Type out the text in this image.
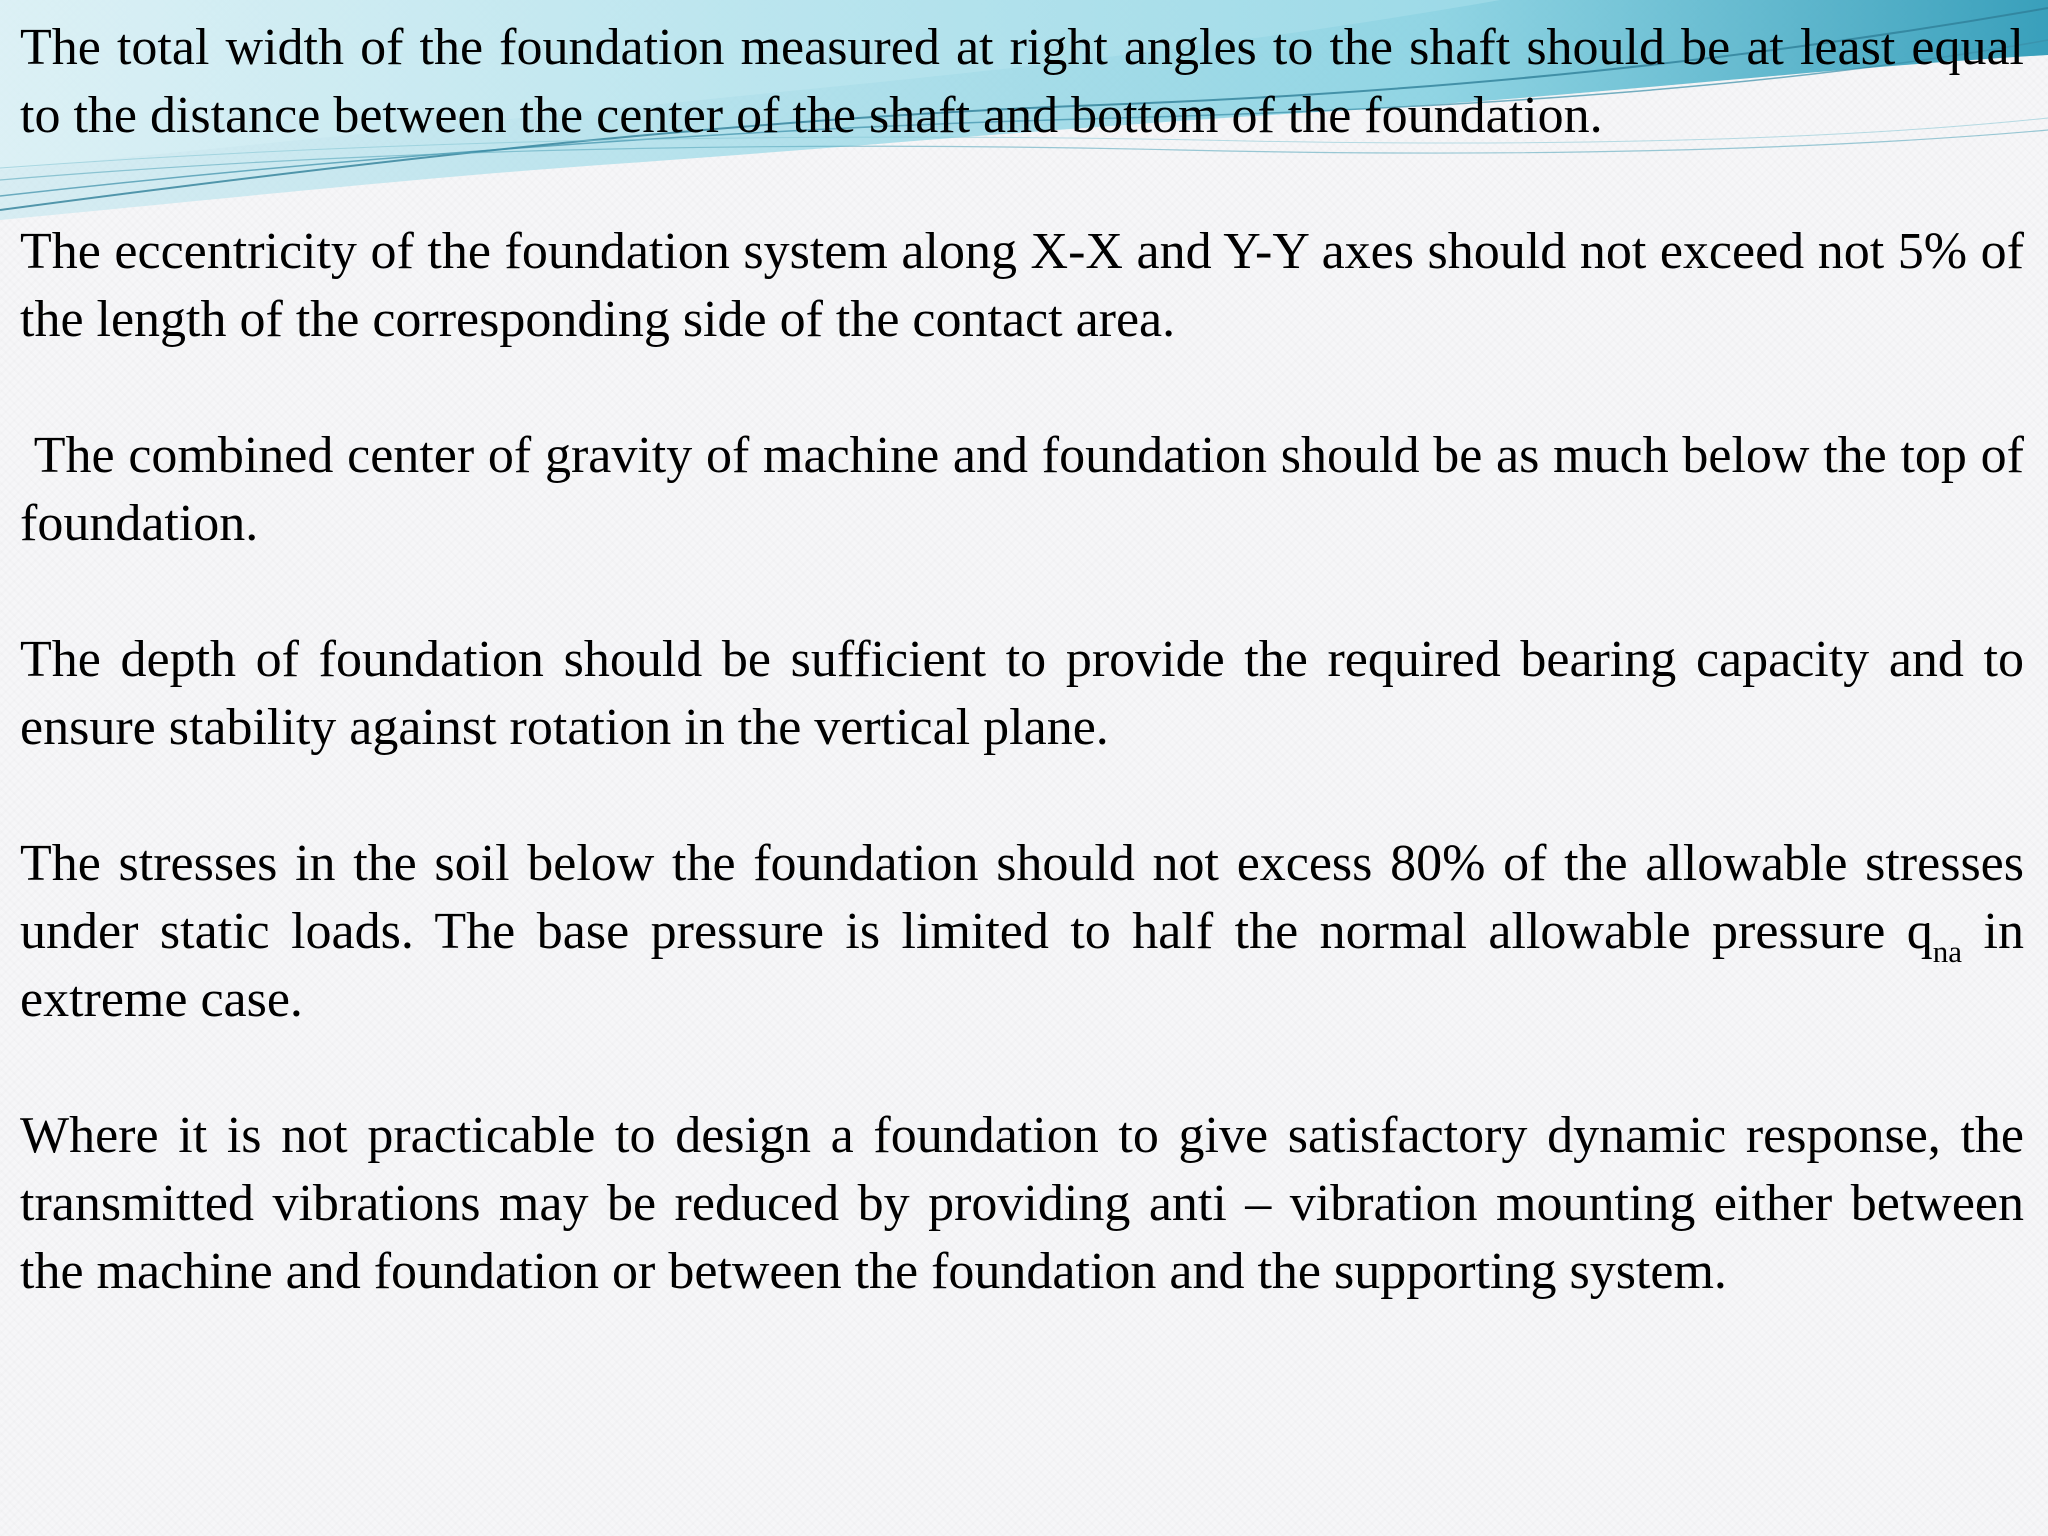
The total width of the foundation measured at right angles to the shaft should be at least equal to the distance between the center of the shaft and bottom of the foundation.

The eccentricity of the foundation system along X-X and Y-Y axes should not exceed not 5% of the length of the corresponding side of the contact area.

The combined center of gravity of machine and foundation should be as much below the top of foundation.

The depth of foundation should be sufficient to provide the required bearing capacity and to ensure stability against rotation in the vertical plane.

The stresses in the soil below the foundation should not excess 80% of the allowable stresses under static loads. The base pressure is limited to half the normal allowable pressure $q_{na}$ in extreme case.

Where it is not practicable to design a foundation to give satisfactory dynamic response, the transmitted vibrations may be reduced by providing anti – vibration mounting either between the machine and foundation or between the foundation and the supporting system.
